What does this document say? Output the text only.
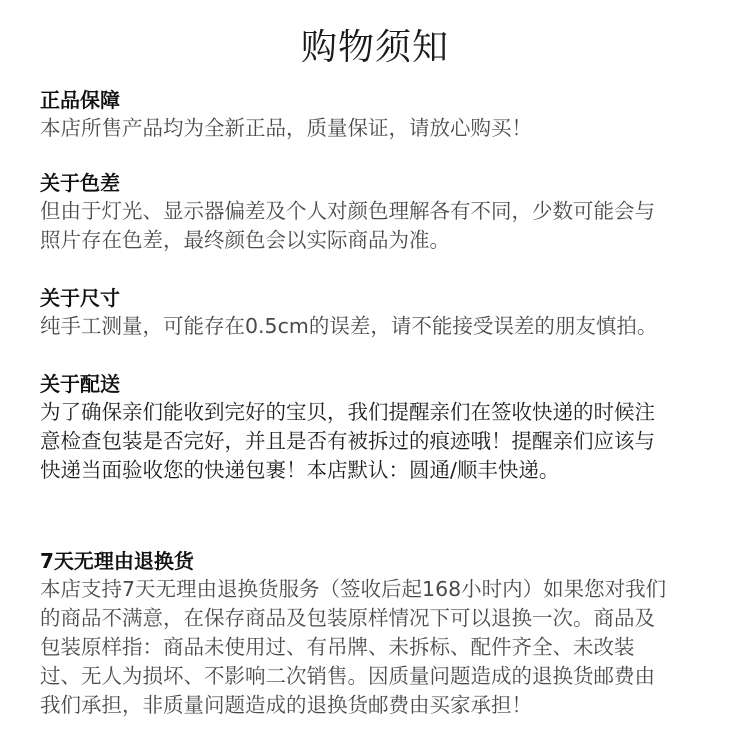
购物须知

正品保障

本店所售产品均为全新正品，质量保证，请放心购买！

关于色差

但由于灯光、显示器偏差及个人对颜色理解各有不同，少数可能会与
照片存在色差，最终颜色会以实际商品为准。

关于尺寸

纯手工测量，可能存在0.5cm的误差，请不能接受误差的朋友慎拍。

关于配送

为了确保亲们能收到完好的宝贝，我们提醒亲们在签收快递的时候注
意检查包装是否完好，并且是否有被拆过的痕迹哦！提醒亲们应该与
快递当面验收您的快递包裹！本店默认：圆通/顺丰快递。

7天无理由退换货

本店支持7天无理由退换货服务（签收后起168小时内）如果您对我们
的商品不满意，在保存商品及包装原样情况下可以退换一次。商品及
包装原样指：商品未使用过、有吊牌、未拆标、配件齐全、未改装
过、无人为损坏、不影响二次销售。因质量问题造成的退换货邮费由
我们承担，非质量问题造成的退换货邮费由买家承担！
